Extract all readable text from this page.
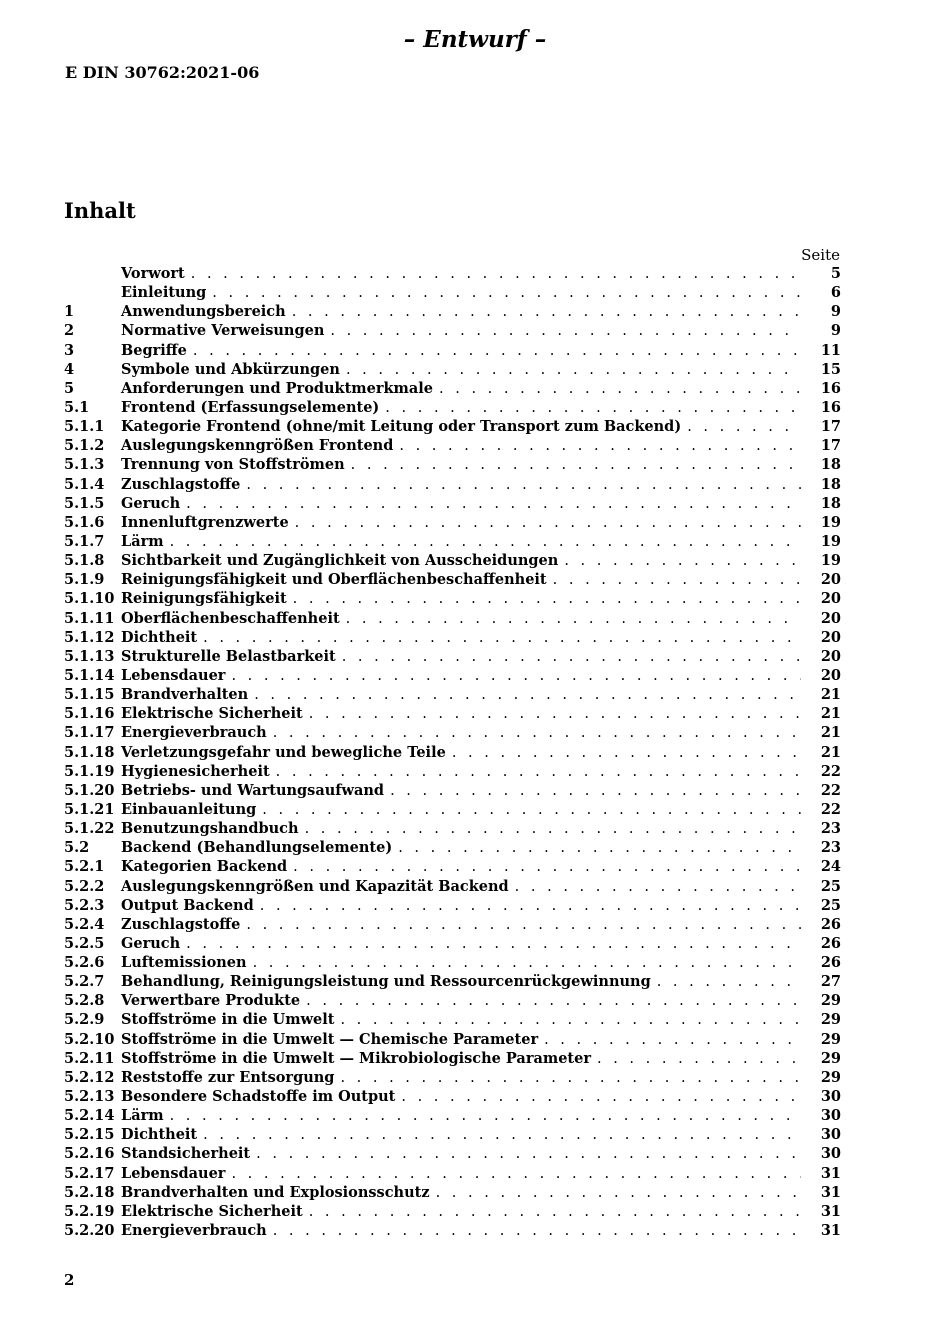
– Entwurf –
E DIN 30762:2021-06
Inhalt
Seite
Vorwort . . .	5
Einleitung . . .	6
1	Anwendungsbereich . . .	9
2	Normative Verweisungen . . .	9
3	Begriffe . . .	11
4	Symbole und Abkürzungen . . .	15
5	Anforderungen und Produktmerkmale . . .	16
5.1	Frontend (Erfassungselemente) . . .	16
5.1.1	Kategorie Frontend (ohne/mit Leitung oder Transport zum Backend) . . .	17
5.1.2	Auslegungskenngrößen Frontend . . .	17
5.1.3	Trennung von Stoffströmen . . .	18
5.1.4	Zuschlagstoffe . . .	18
5.1.5	Geruch . . .	18
5.1.6	Innenluftgrenzwerte . . .	19
5.1.7	Lärm . . .	19
5.1.8	Sichtbarkeit und Zugänglichkeit von Ausscheidungen . . .	19
5.1.9	Reinigungsfähigkeit und Oberflächenbeschaffenheit . . .	20
5.1.10 Reinigungsfähigkeit . . .	20
5.1.11 Oberflächenbeschaffenheit . . .	20
5.1.12 Dichtheit . . .	20
5.1.13 Strukturelle Belastbarkeit . . .	20
5.1.14 Lebensdauer . . .	20
5.1.15 Brandverhalten . . .	21
5.1.16 Elektrische Sicherheit . . .	21
5.1.17 Energieverbrauch . . .	21
5.1.18 Verletzungsgefahr und bewegliche Teile . . .	21
5.1.19 Hygienesicherheit . . .	22
5.1.20 Betriebs- und Wartungsaufwand . . .	22
5.1.21 Einbauanleitung . . .	22
5.1.22 Benutzungshandbuch . . .	23
5.2	Backend (Behandlungselemente) . . .	23
5.2.1	Kategorien Backend . . .	24
5.2.2	Auslegungskenngrößen und Kapazität Backend . . .	25
5.2.3	Output Backend . . .	25
5.2.4	Zuschlagstoffe . . .	26
5.2.5	Geruch . . .	26
5.2.6	Luftemissionen . . .	26
5.2.7	Behandlung, Reinigungsleistung und Ressourcenrückgewinnung . . .	27
5.2.8	Verwertbare Produkte . . .	29
5.2.9	Stoffströme in die Umwelt . . .	29
5.2.10 Stoffströme in die Umwelt — Chemische Parameter . . .	29
5.2.11 Stoffströme in die Umwelt — Mikrobiologische Parameter . . .	29
5.2.12 Reststoffe zur Entsorgung . . .	29
5.2.13 Besondere Schadstoffe im Output . . .	30
5.2.14 Lärm . . .	30
5.2.15 Dichtheit . . .	30
5.2.16 Standsicherheit . . .	30
5.2.17 Lebensdauer . . .	31
5.2.18 Brandverhalten und Explosionsschutz . . .	31
5.2.19 Elektrische Sicherheit . . .	31
5.2.20 Energieverbrauch . . .	31
2
